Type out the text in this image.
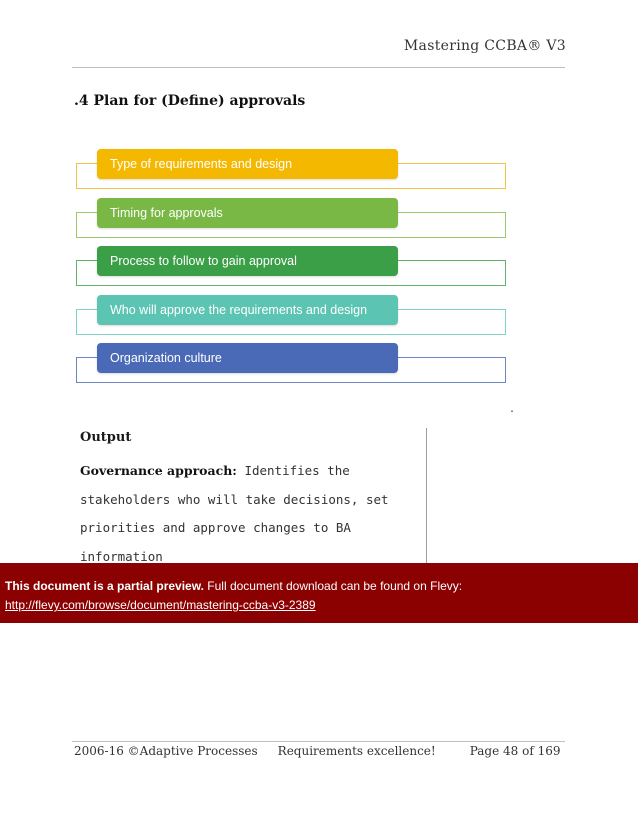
Mastering CCBA® V3
.4 Plan for (Define) approvals
Type of requirements and design
Timing for approvals
Process to follow to gain approval
Who will approve the requirements and design
Organization culture
.
Output
Governance approach: Identifies the stakeholders who will take decisions, set priorities and approve changes to BA information
This document is a partial preview. Full document download can be found on Flevy:
http://flevy.com/browse/document/mastering-ccba-v3-2389
2006-16 ©Adaptive Processes Requirements excellence!	Page 48 of 169
